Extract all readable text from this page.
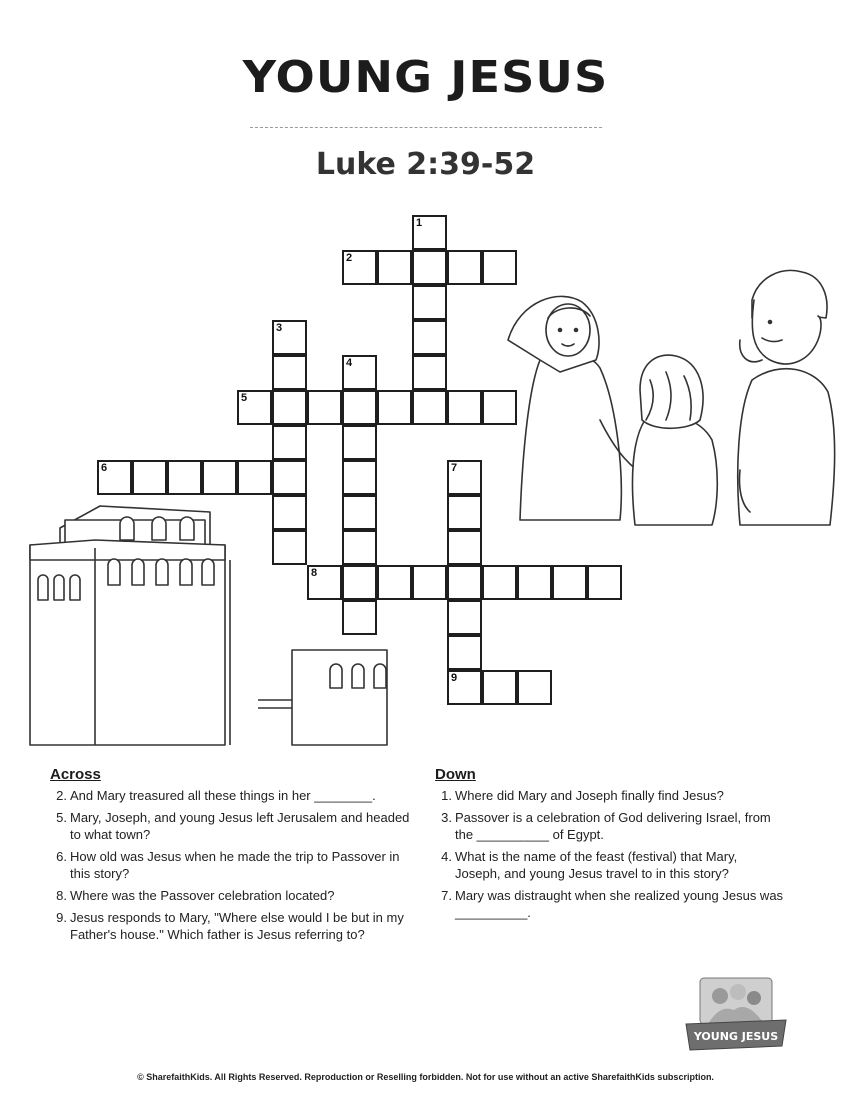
YOUNG JESUS
Luke 2:39-52
1
2
3
4
5
6	7
9
8
Across
2. And Mary treasured all these things in her ________.
5. Mary, Joseph, and young Jesus left Jerusalem and headed to what town?
6. How old was Jesus when he made the trip to Passover in this story?
8. Where was the Passover celebration located?
9. Jesus responds to Mary, "Where else would I be but in my Father's house." Which father is Jesus referring to?
Down
1. Where did Mary and Joseph finally find Jesus?
3. Passover is a celebration of God delivering Israel, from the __________ of Egypt.
4. What is the name of the feast (festival) that Mary, Joseph, and young Jesus travel to in this story?
7. Mary was distraught when she realized young Jesus was __________.
YOUNG JESUS
© SharefaithKids. All Rights Reserved. Reproduction or Reselling forbidden. Not for use without an active SharefaithKids subscription.
